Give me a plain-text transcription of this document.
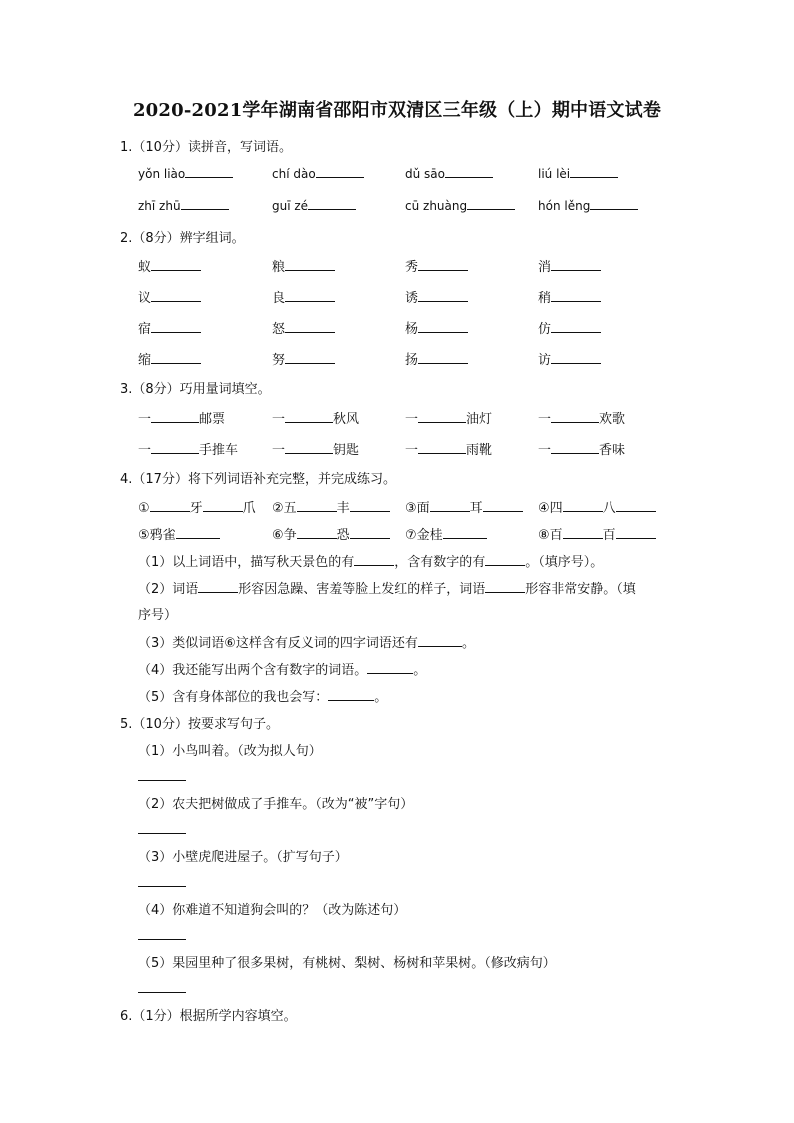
2020-2021学年湖南省邵阳市双清区三年级（上）期中语文试卷
1.（10分）读拼音，写词语。
yǒn liào	chí dào	dǔ sāo	liú lèi
zhī zhū	guī zé	cū zhuàng	hón lěng
2.（8分）辨字组词。
蚁	粮	秀	消
议	良	诱	稍
宿	怒	杨	仿
缩	努	扬	访
3.（8分）巧用量词填空。
一	邮票	一	秋风	一	油灯	一	欢歌
一	手推车	一	钥匙	一	雨靴	一	香味
4.（17分）将下列词语补充完整，并完成练习。
①	牙	爪 ②五	丰	③面	耳	④四	八
⑤鸦雀	⑥争	恐	⑦金桂	⑧百	百
（1）以上词语中，描写秋天景色的有	，含有数字的有	。（填序号）。
（2）词语	形容因急躁、害羞等脸上发红的样子，词语	形容非常安静。（填
序号）
（3）类似词语⑥这样含有反义词的四字词语还有	。
（4）我还能写出两个含有数字的词语。	。
（5）含有身体部位的我也会写：	。
5.（10分）按要求写句子。
（1）小鸟叫着。（改为拟人句）
（2）农夫把树做成了手推车。（改为“被”字句）
（3）小壁虎爬进屋子。（扩写句子）
（4）你难道不知道狗会叫的？（改为陈述句）
（5）果园里种了很多果树，有桃树、梨树、杨树和苹果树。（修改病句）
6.（1分）根据所学内容填空。
